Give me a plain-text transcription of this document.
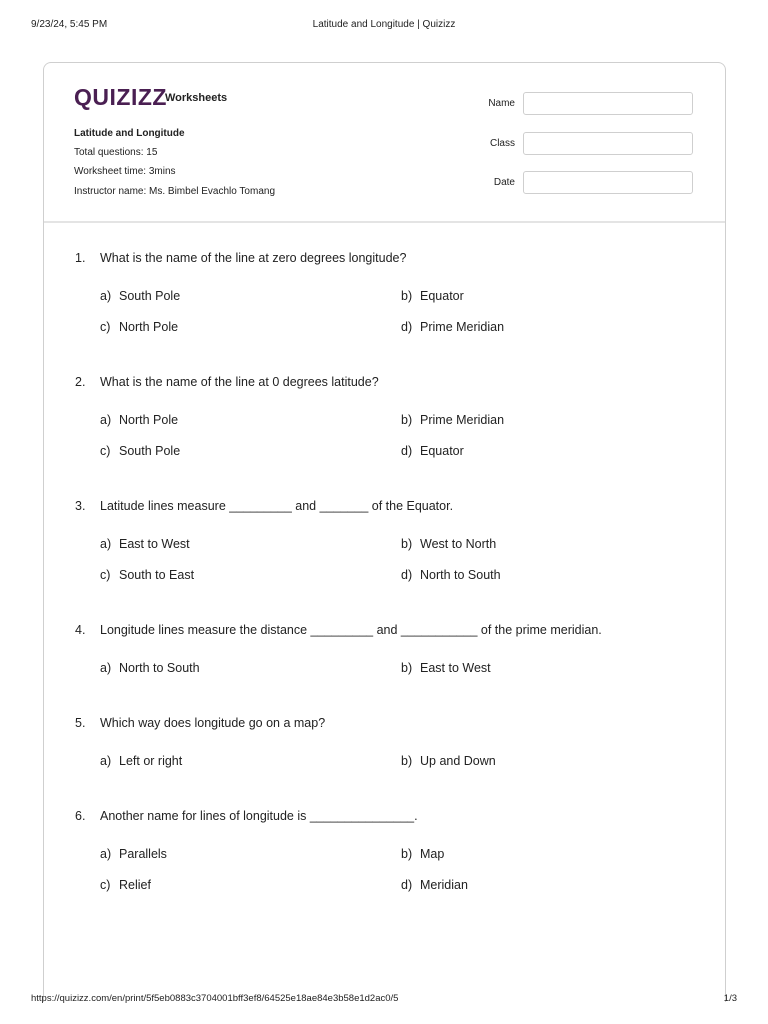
9/23/24, 5:45 PM	Latitude and Longitude | Quizizz
QUIZIZZ
Worksheets
Latitude and Longitude
Total questions: 15
Worksheet time: 3mins
Instructor name: Ms. Bimbel Evachlo Tomang
Name
Class
Date
1. What is the name of the line at zero degrees longitude?
a) South Pole	b) Equator
c) North Pole	d) Prime Meridian
2. What is the name of the line at 0 degrees latitude?
a) North Pole	b) Prime Meridian
c) South Pole	d) Equator
3. Latitude lines measure _________ and _______ of the Equator.
a) East to West	b) West to North
c) South to East	d) North to South
4. Longitude lines measure the distance _________ and ___________ of the prime meridian.
a) North to South	b) East to West
5. Which way does longitude go on a map?
a) Left or right	b) Up and Down
6. Another name for lines of longitude is _______________.
a) Parallels	b) Map
c) Relief	d) Meridian
https://quizizz.com/en/print/5f5eb0883c3704001bff3ef8/64525e18ae84e3b58e1d2ac0/5	1/3
